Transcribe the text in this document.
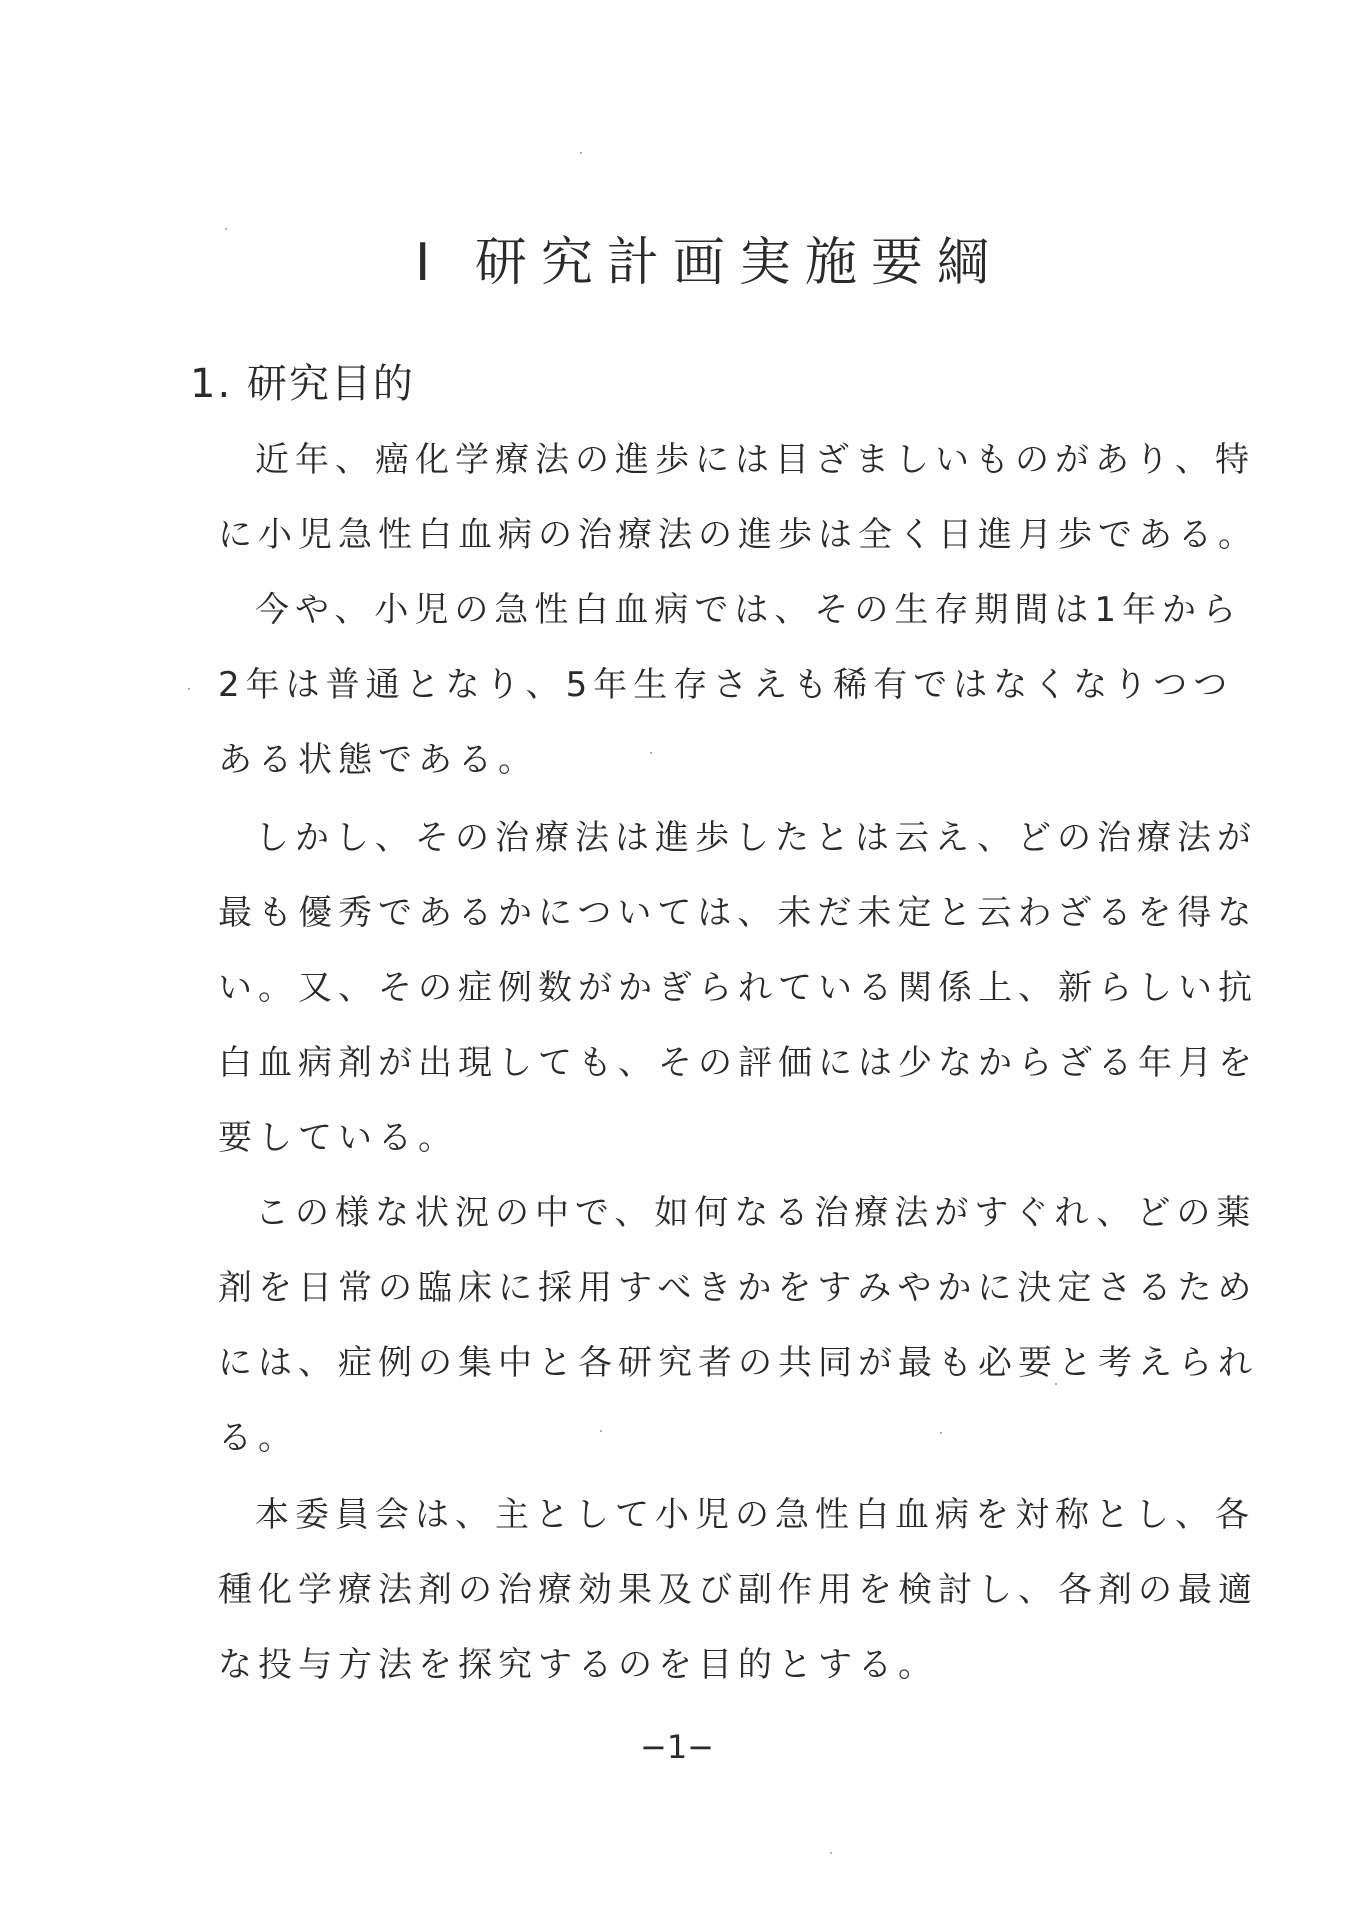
Ⅰ 研究計画実施要綱
1. 研究目的
近年、癌化学療法の進歩には目ざましいものがあり、特
に小児急性白血病の治療法の進歩は全く日進月歩である。
今や、小児の急性白血病では、その生存期間は1年から
2年は普通となり、5年生存さえも稀有ではなくなりつつ
ある状態である。
しかし、その治療法は進歩したとは云え、どの治療法が
最も優秀であるかについては、未だ未定と云わざるを得な
い。又、その症例数がかぎられている関係上、新らしい抗
白血病剤が出現しても、その評価には少なからざる年月を
要している。
この様な状況の中で、如何なる治療法がすぐれ、どの薬
剤を日常の臨床に採用すべきかをすみやかに決定さるため
には、症例の集中と各研究者の共同が最も必要と考えられ
る。
本委員会は、主として小児の急性白血病を対称とし、各
種化学療法剤の治療効果及び副作用を検討し、各剤の最適
な投与方法を探究するのを目的とする。
−1−
